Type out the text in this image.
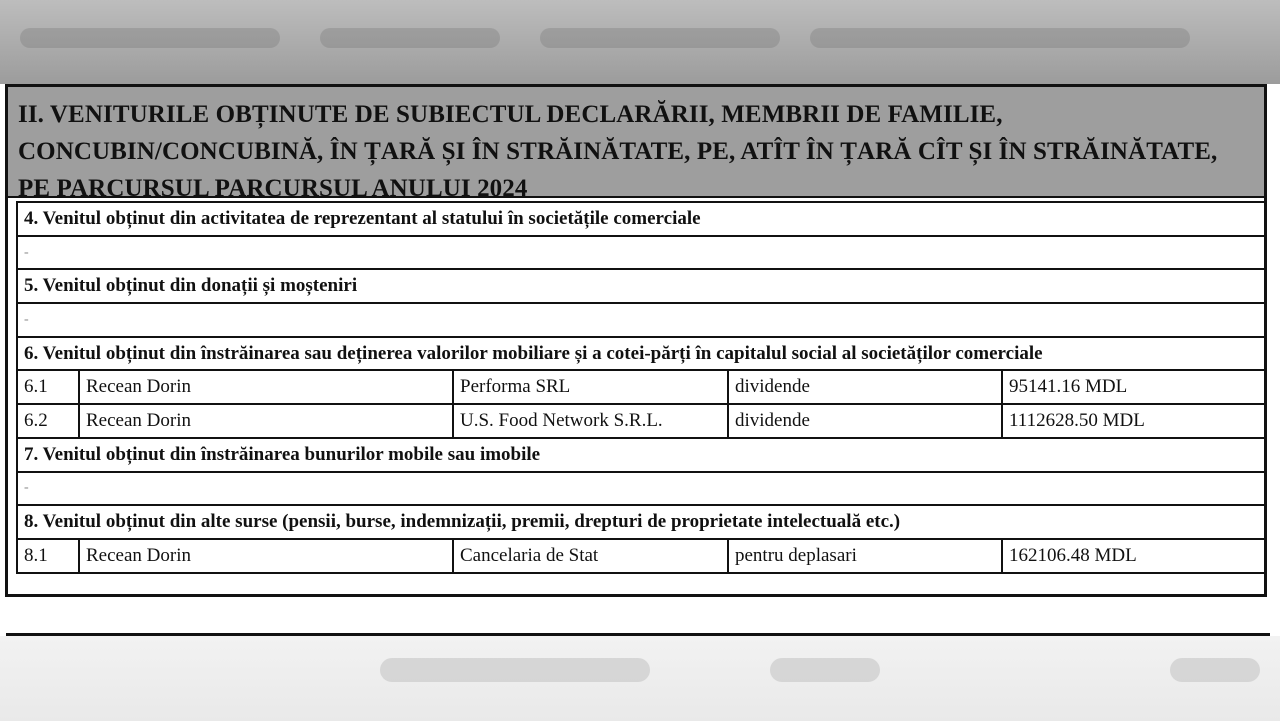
II. VENITURILE OBȚINUTE DE SUBIECTUL DECLARĂRII, MEMBRII DE FAMILIE,
CONCUBIN/CONCUBINĂ, ÎN ȚARĂ ȘI ÎN STRĂINĂTATE, PE, ATÎT ÎN ȚARĂ CÎT ȘI ÎN STRĂINĂTATE,
PE PARCURSUL PARCURSUL ANULUI 2024
4. Venitul obținut din activitatea de reprezentant al statului în societățile comerciale				
-				
5. Venitul obținut din donații și moșteniri				
-				
6. Venitul obținut din înstrăinarea sau deținerea valorilor mobiliare și a cotei-părți în capitalul social al societăților comerciale				
6.1	Recean Dorin	Performa SRL	dividende	95141.16 MDL
6.2	Recean Dorin	U.S. Food Network S.R.L.	dividende	1112628.50 MDL
7. Venitul obținut din înstrăinarea bunurilor mobile sau imobile				
-				
8. Venitul obținut din alte surse (pensii, burse, indemnizații, premii, drepturi de proprietate intelectuală etc.)				
8.1	Recean Dorin	Cancelaria de Stat	pentru deplasari	162106.48 MDL
